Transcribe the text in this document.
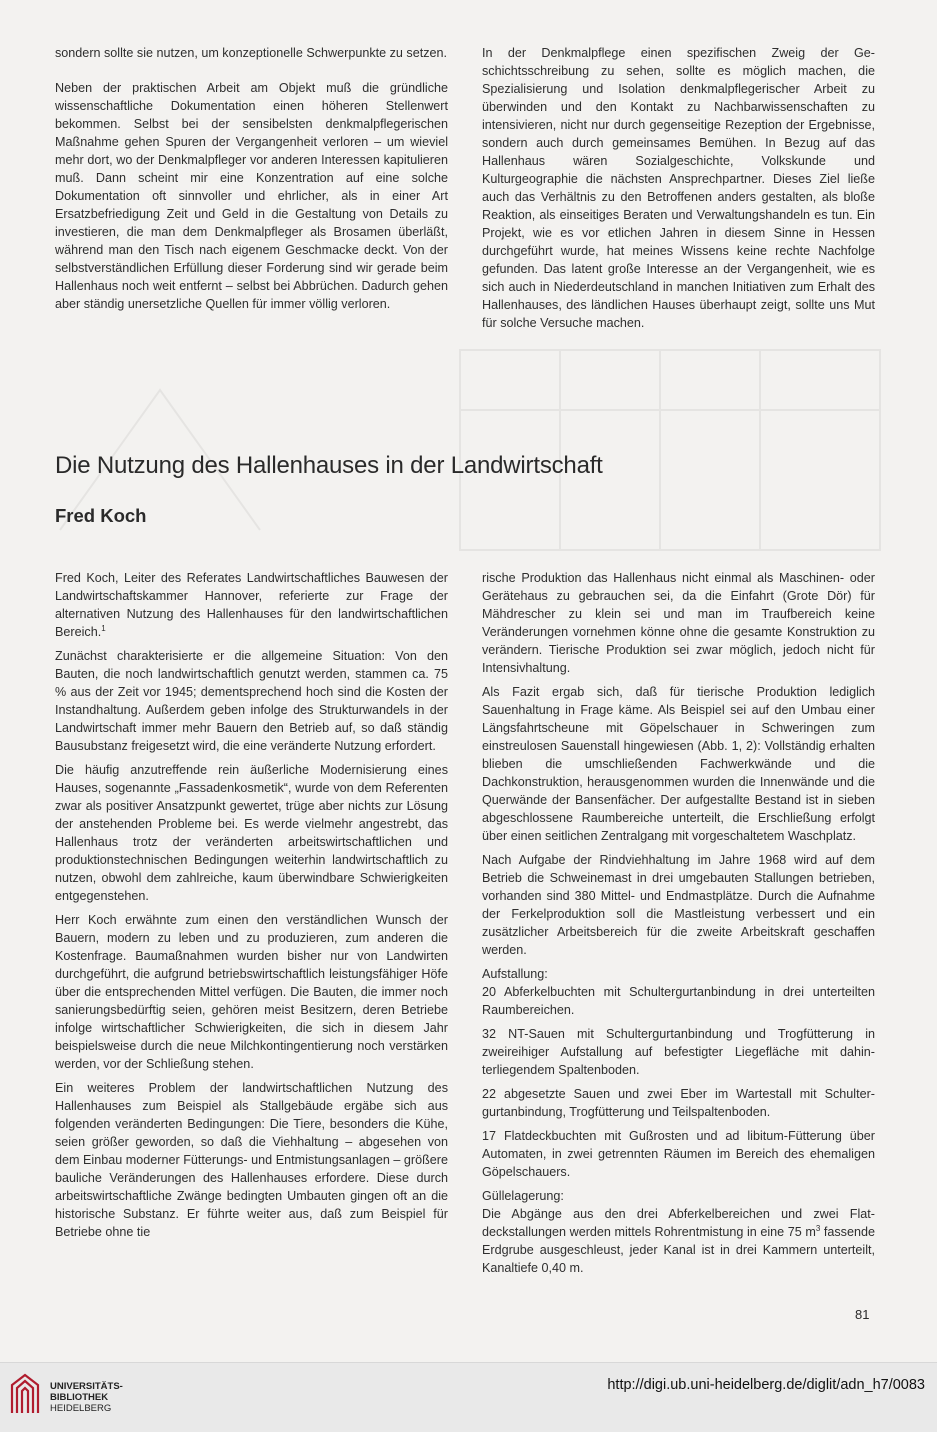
sondern sollte sie nutzen, um konzeptionelle Schwerpunkte zu setzen.

Neben der praktischen Arbeit am Objekt muß die gründliche wissenschaftliche Dokumentation einen höheren Stellenwert bekommen. Selbst bei der sensibelsten denkmalpflegerischen Maßnahme gehen Spuren der Vergangenheit verloren – um wieviel mehr dort, wo der Denkmalpfleger vor anderen Interessen kapitulieren muß. Dann scheint mir eine Konzentration auf eine solche Dokumentation oft sinnvoller und ehrlicher, als in einer Art Ersatzbefriedigung Zeit und Geld in die Gestaltung von Details zu investieren, die man dem Denkmalpfleger als Brosamen überläßt, während man den Tisch nach eigenem Geschmacke deckt. Von der selbstverständlichen Erfüllung dieser Forderung sind wir gerade beim Hallenhaus noch weit entfernt – selbst bei Abbrüchen. Dadurch gehen aber ständig unersetzliche Quellen für immer völlig verloren.

In der Denkmalpflege einen spezifischen Zweig der Geschichtsschreibung zu sehen, sollte es möglich machen, die Spezialisierung und Isolation denkmalpflegerischer Arbeit zu überwinden und den Kontakt zu Nachbarwissenschaften zu intensivieren, nicht nur durch gegenseitige Rezeption der Ergebnisse, sondern auch durch gemeinsames Bemühen. In Bezug auf das Hallenhaus wären Sozialgeschichte, Volkskunde und Kulturgeographie die nächsten Ansprechpartner. Dieses Ziel ließe auch das Verhältnis zu den Betroffenen anders gestalten, als bloße Reaktion, als einseitiges Beraten und Verwaltungshandeln es tun. Ein Projekt, wie es vor etlichen Jahren in diesem Sinne in Hessen durchgeführt wurde, hat meines Wissens keine rechte Nachfolge gefunden. Das latent große Interesse an der Vergangenheit, wie es sich auch in Niederdeutschland in manchen Initiativen zum Erhalt des Hallenhauses, des ländlichen Hauses überhaupt zeigt, sollte uns Mut für solche Versuche machen.

Die Nutzung des Hallenhauses in der Landwirtschaft
Fred Koch

Fred Koch, Leiter des Referates Landwirtschaftliches Bauwesen der Landwirtschaftskammer Hannover, referierte zur Frage der alternativen Nutzung des Hallenhauses für den landwirtschaftlichen Bereich.$^1$

Zunächst charakterisierte er die allgemeine Situation: Von den Bauten, die noch landwirtschaftlich genutzt werden, stammen ca. 75 % aus der Zeit vor 1945; dementsprechend hoch sind die Kosten der Instandhaltung. Außerdem geben infolge des Strukturwandels in der Landwirtschaft immer mehr Bauern den Betrieb auf, so daß ständig Bausubstanz freigesetzt wird, die eine veränderte Nutzung erfordert.

Die häufig anzutreffende rein äußerliche Modernisierung eines Hauses, sogenannte „Fassadenkosmetik“, wurde von dem Referenten zwar als positiver Ansatzpunkt gewertet, trüge aber nichts zur Lösung der anstehenden Probleme bei. Es werde vielmehr angestrebt, das Hallenhaus trotz der veränderten arbeitswirtschaftlichen und produktionstechnischen Bedingungen weiterhin landwirtschaftlich zu nutzen, obwohl dem zahlreiche, kaum überwindbare Schwierigkeiten entgegenstehen.

Herr Koch erwähnte zum einen den verständlichen Wunsch der Bauern, modern zu leben und zu produzieren, zum anderen die Kostenfrage. Baumaßnahmen wurden bisher nur von Landwirten durchgeführt, die aufgrund betriebswirtschaftlich leistungsfähiger Höfe über die entsprechenden Mittel verfügen. Die Bauten, die immer noch sanierungsbedürftig seien, gehören meist Besitzern, deren Betriebe infolge wirtschaftlicher Schwierigkeiten, die sich in diesem Jahr beispielsweise durch die neue Milchkontingentierung noch verstärken werden, vor der Schließung stehen.

Ein weiteres Problem der landwirtschaftlichen Nutzung des Hallenhauses zum Beispiel als Stallgebäude ergäbe sich aus folgenden veränderten Bedingungen: Die Tiere, besonders die Kühe, seien größer geworden, so daß die Viehhaltung – abgesehen von dem Einbau moderner Fütterungs- und Entmistungsanlagen – größere bauliche Veränderungen des Hallenhauses erfordere. Diese durch arbeitswirtschaftliche Zwänge bedingten Umbauten gingen oft an die historische Substanz. Er führte weiter aus, daß zum Beispiel für Betriebe ohne tie

rische Produktion das Hallenhaus nicht einmal als Maschinen- oder Gerätehaus zu gebrauchen sei, da die Einfahrt (Grote Dör) für Mähdrescher zu klein sei und man im Traufbereich keine Veränderungen vornehmen könne ohne die gesamte Konstruktion zu verändern. Tierische Produktion sei zwar möglich, jedoch nicht für Intensivhaltung.

Als Fazit ergab sich, daß für tierische Produktion lediglich Sauenhaltung in Frage käme. Als Beispiel sei auf den Umbau einer Längsfahrtscheune mit Göpelschauer in Schweringen zum einstreulosen Sauenstall hingewiesen (Abb. 1, 2): Vollständig erhalten blieben die umschließenden Fachwerkwände und die Dachkonstruktion, herausgenommen wurden die Innenwände und die Querwände der Bansenfächer. Der aufgestallte Bestand ist in sieben abgeschlossene Raumbereiche unterteilt, die Erschließung erfolgt über einen seitlichen Zentralgang mit vorgeschaltetem Waschplatz.

Nach Aufgabe der Rindviehhaltung im Jahre 1968 wird auf dem Betrieb die Schweinemast in drei umgebauten Stallungen betrieben, vorhanden sind 380 Mittel- und Endmastplätze. Durch die Aufnahme der Ferkelproduktion soll die Mastleistung verbessert und ein zusätzlicher Arbeitsbereich für die zweite Arbeitskraft geschaffen werden.

Aufstallung:
20 Abferkelbuchten mit Schultergurtanbindung in drei unterteilten Raumbereichen.

32 NT-Sauen mit Schultergurtanbindung und Trogfütterung in zweireihiger Aufstallung auf befestigter Liegefläche mit dahinterliegendem Spaltenboden.

22 abgesetzte Sauen und zwei Eber im Wartestall mit Schultergurtanbindung, Trogfütterung und Teilspaltenboden.

17 Flatdeckbuchten mit Gußrosten und ad libitum-Fütterung über Automaten, in zwei getrennten Räumen im Bereich des ehemaligen Göpelschauers.

Güllelagerung:
Die Abgänge aus den drei Abferkelbereichen und zwei Flatdeckstallungen werden mittels Rohrentmistung in eine 75 $m^3$ fassende Erdgrube ausgeschleust, jeder Kanal ist in drei Kammern unterteilt, Kanaltiefe 0,40 m.

81
UNIVERSITÄTS-
BIBLIOTHEK
HEIDELBERG
http://digi.ub.uni-heidelberg.de/diglit/adn_h7/0083
